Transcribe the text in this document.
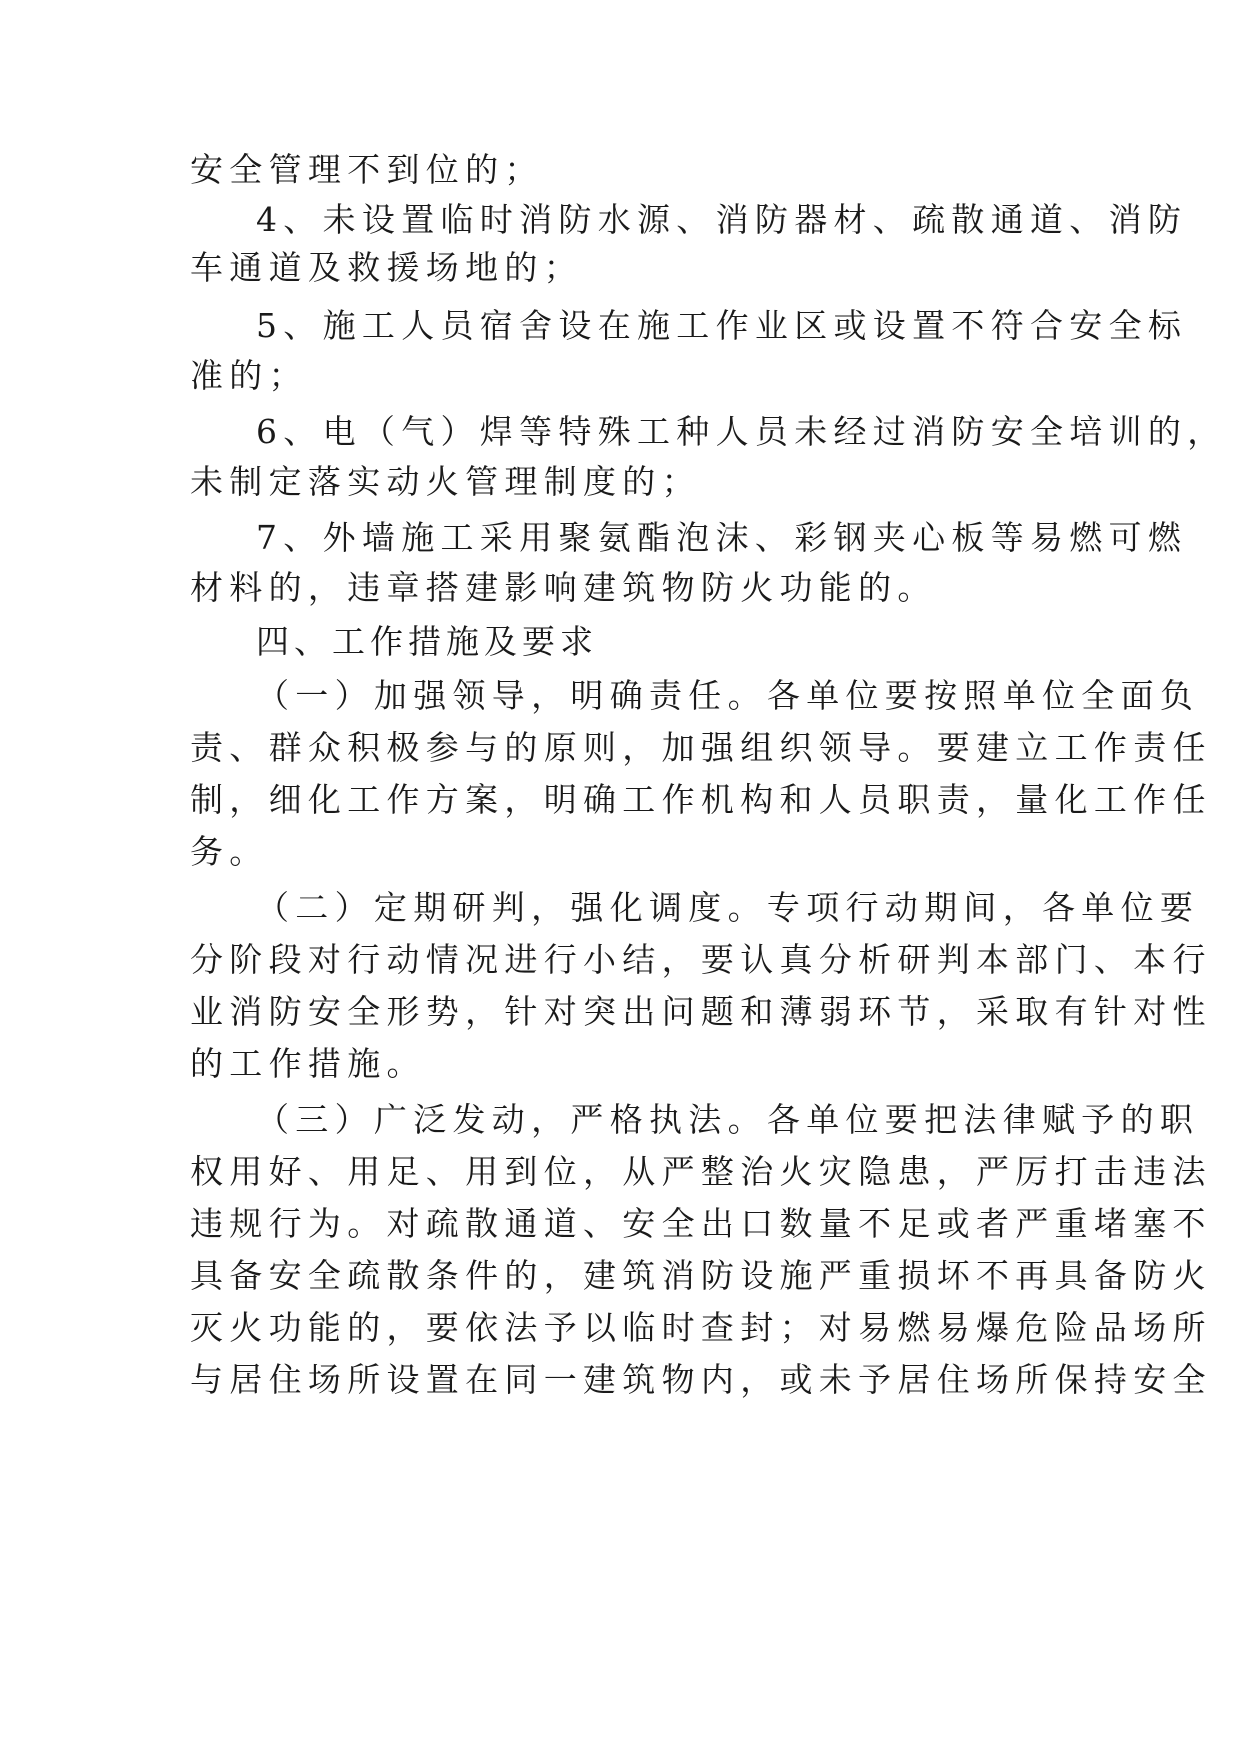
安全管理不到位的；
4、未设置临时消防水源、消防器材、疏散通道、消防
车通道及救援场地的；
5、施工人员宿舍设在施工作业区或设置不符合安全标
准的；
6、电（气）焊等特殊工种人员未经过消防安全培训的，
未制定落实动火管理制度的；
7、外墙施工采用聚氨酯泡沫、彩钢夹心板等易燃可燃
材料的，违章搭建影响建筑物防火功能的。
四、工作措施及要求
（一）加强领导，明确责任。各单位要按照单位全面负
责、群众积极参与的原则，加强组织领导。要建立工作责任
制，细化工作方案，明确工作机构和人员职责，量化工作任
务。
（二）定期研判，强化调度。专项行动期间，各单位要
分阶段对行动情况进行小结，要认真分析研判本部门、本行
业消防安全形势，针对突出问题和薄弱环节，采取有针对性
的工作措施。
（三）广泛发动，严格执法。各单位要把法律赋予的职
权用好、用足、用到位，从严整治火灾隐患，严厉打击违法
违规行为。对疏散通道、安全出口数量不足或者严重堵塞不
具备安全疏散条件的，建筑消防设施严重损坏不再具备防火
灭火功能的，要依法予以临时查封；对易燃易爆危险品场所
与居住场所设置在同一建筑物内，或未予居住场所保持安全
